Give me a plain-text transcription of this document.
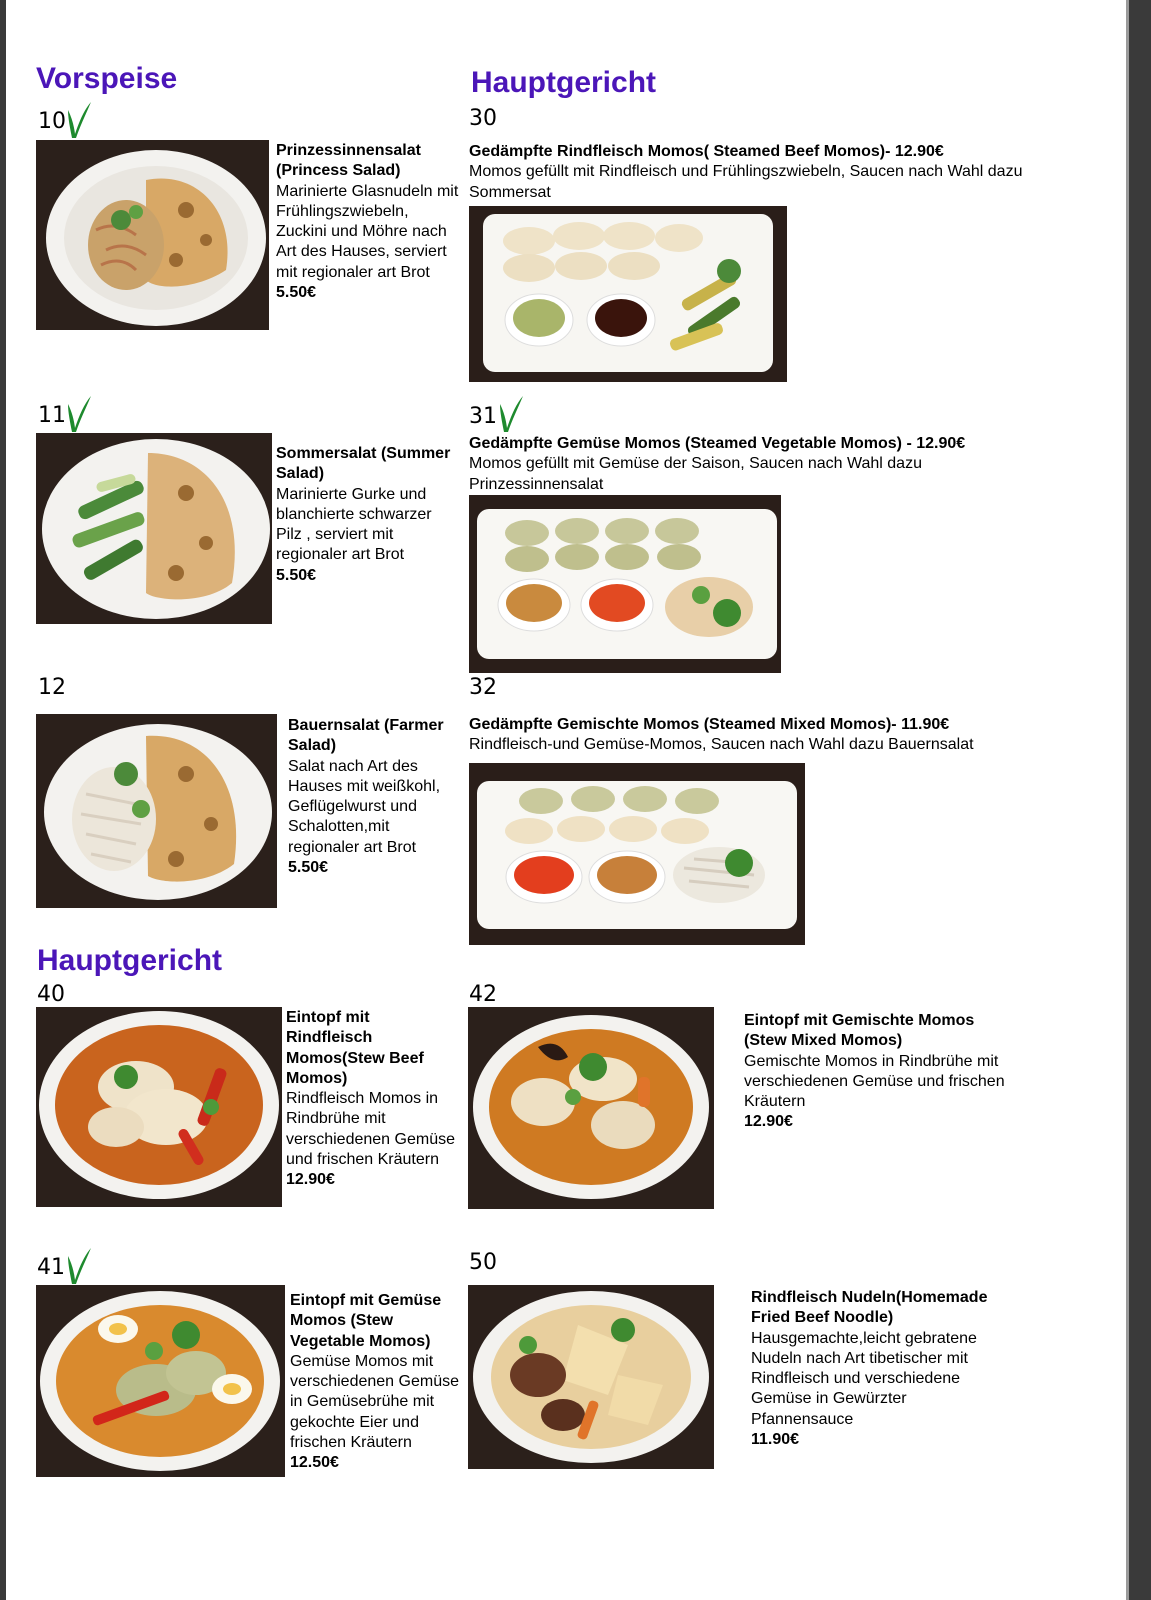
Vorspeise	Hauptgericht
Hauptgericht
10
Prinzessinnensalat (Princess Salad)
Marinierte Glasnudeln mit Frühlingszwiebeln, Zuckini und Möhre nach Art des Hauses, serviert mit regionaler art Brot
5.50€
11
Sommersalat (Summer Salad)
Marinierte Gurke und blanchierte schwarzer Pilz , serviert mit regionaler art Brot
5.50€
12
Bauernsalat (Farmer Salad)
Salat nach Art des Hauses mit weißkohl, Geflügelwurst und Schalotten,mit regionaler art Brot
5.50€
30
Gedämpfte Rindfleisch Momos( Steamed Beef Momos)- 12.90€
Momos gefüllt mit Rindfleisch und Frühlingszwiebeln, Saucen nach Wahl dazu Sommersat
31
Gedämpfte Gemüse Momos (Steamed Vegetable Momos) - 12.90€
Momos gefüllt mit Gemüse der Saison, Saucen nach Wahl dazu Prinzessinnensalat
32
Gedämpfte Gemischte Momos (Steamed Mixed Momos)- 11.90€
Rindfleisch-und Gemüse-Momos, Saucen nach Wahl dazu Bauernsalat
40
Eintopf mit Rindfleisch Momos(Stew Beef Momos)
Rindfleisch Momos in Rindbrühe mit verschiedenen Gemüse und frischen Kräutern
12.90€
41
Eintopf mit Gemüse Momos (Stew Vegetable Momos)
Gemüse Momos mit verschiedenen Gemüse in Gemüsebrühe mit gekochte Eier und frischen Kräutern
12.50€
42
Eintopf mit Gemischte Momos (Stew Mixed Momos)
Gemischte Momos in Rindbrühe mit verschiedenen Gemüse und frischen Kräutern
12.90€
50
Rindfleisch Nudeln(Homemade Fried Beef Noodle)
Hausgemachte,leicht gebratene Nudeln nach Art tibetischer mit Rindfleisch und verschiedene Gemüse in Gewürzter Pfannensauce
11.90€
